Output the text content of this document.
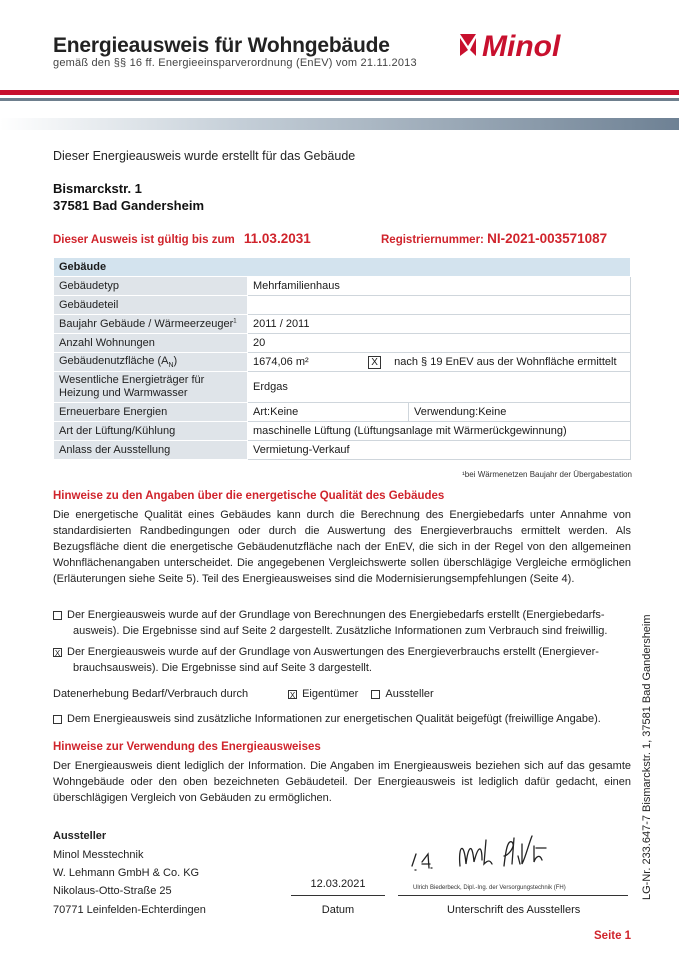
Energieausweis für Wohngebäude
gemäß den §§ 16 ff. Energieeinsparverordnung (EnEV) vom 21.11.2013 Minol
Dieser Energieausweis wurde erstellt für das Gebäude
Bismarckstr. 1
37581 Bad Gandersheim
Dieser Ausweis ist gültig bis zum 11.03.2031	Registriernummer: NI-2021-003571087
Gebäude		
Gebäudetyp	Mehrfamilienhaus	
Gebäudeteil		
Baujahr Gebäude / Wärmeerzeuger$^1$	2011 / 2011	
Anzahl Wohnungen	20	
Gebäudenutzfläche $(A_N)$	1674,06 m² X nach § 19 EnEV aus der Wohnfläche ermittelt	
Wesentliche Energieträger für
Heizung und Warmwasser	Erdgas	
Erneuerbare Energien	Art:Keine	Verwendung:Keine
Art der Lüftung/Kühlung	maschinelle Lüftung (Lüftungsanlage mit Wärmerückgewinnung)	
Anlass der Ausstellung	Vermietung-Verkauf	
¹bei Wärmenetzen Baujahr der Übergabestation
Hinweise zu den Angaben über die energetische Qualität des Gebäudes
Die energetische Qualität eines Gebäudes kann durch die Berechnung des Energiebedarfs unter Annahme von standardisierten Randbedingungen oder durch die Auswertung des Energieverbrauchs ermittelt werden. Als Bezugsfläche dient die energetische Gebäudenutzfläche nach der EnEV, die sich in der Regel von den allgemeinen Wohnflächenangaben unterscheidet. Die angegebenen Vergleichswerte sollen überschlägige Vergleiche ermöglichen (Erläuterungen siehe Seite 5). Teil des Energieausweises sind die Modernisierungsempfehlungen (Seite 4).
Der Energieausweis wurde auf der Grundlage von Berechnungen des Energiebedarfs erstellt (Energiebedarfs-
ausweis). Die Ergebnisse sind auf Seite 2 dargestellt. Zusätzliche Informationen zum Verbrauch sind freiwillig.
X Der Energieausweis wurde auf der Grundlage von Auswertungen des Energieverbrauchs erstellt (Energiever-
brauchsausweis). Die Ergebnisse sind auf Seite 3 dargestellt.
Datenerhebung Bedarf/Verbrauch durch	X Eigentümer Aussteller
Dem Energieausweis sind zusätzliche Informationen zur energetischen Qualität beigefügt (freiwillige Angabe).
Hinweise zur Verwendung des Energieausweises
Der Energieausweis dient lediglich der Information. Die Angaben im Energieausweis beziehen sich auf das gesamte Wohngebäude oder den oben bezeichneten Gebäudeteil. Der Energieausweis ist lediglich dafür gedacht, einen überschlägigen Vergleich von Gebäuden zu ermöglichen.
Aussteller
Minol Messtechnik
W. Lehmann GmbH & Co. KG
Nikolaus-Otto-Straße 25
70771 Leinfelden-Echterdingen
12.03.2021
Datum
Ulrich Biederbeck, Dipl.-Ing. der Versorgungstechnik (FH)
Unterschrift des Ausstellers
LG-Nr. 233.647-7 Bismarckstr. 1, 37581 Bad Gandersheim
Seite 1
